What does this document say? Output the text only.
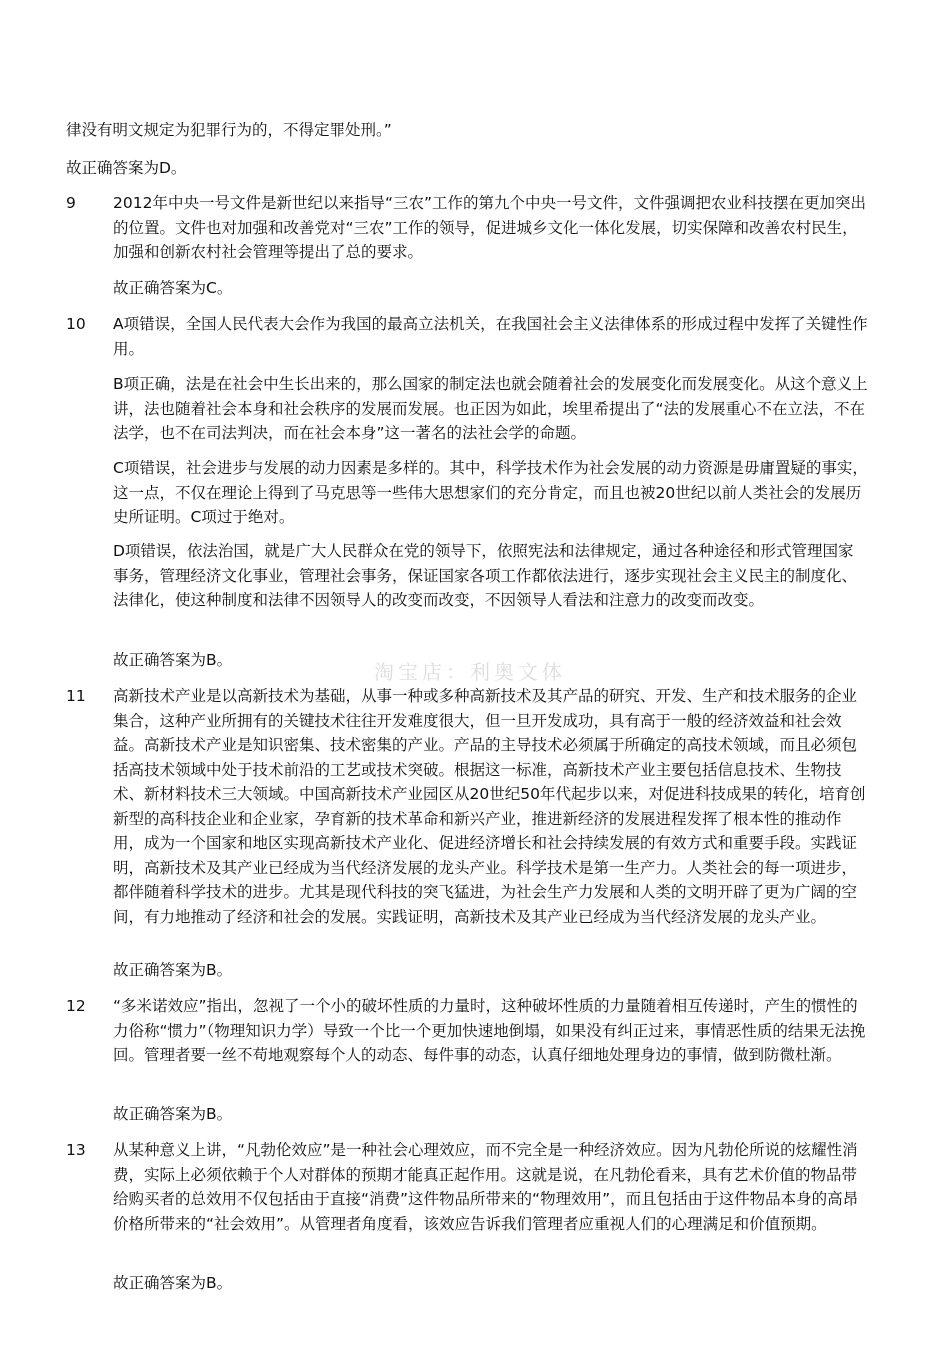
律没有明文规定为犯罪行为的，不得定罪处刑。”

故正确答案为D。

9	2012年中央一号文件是新世纪以来指导“三农”工作的第九个中央一号文件，文件强调把农业科技摆在更加突出的位置。文件也对加强和改善党对“三农”工作的领导，促进城乡文化一体化发展，切实保障和改善农村民生，加强和创新农村社会管理等提出了总的要求。

故正确答案为C。

10	A项错误，全国人民代表大会作为我国的最高立法机关，在我国社会主义法律体系的形成过程中发挥了关键性作用。

B项正确，法是在社会中生长出来的，那么国家的制定法也就会随着社会的发展变化而发展变化。从这个意义上讲，法也随着社会本身和社会秩序的发展而发展。也正因为如此，埃里希提出了“法的发展重心不在立法，不在法学，也不在司法判决，而在社会本身”这一著名的法社会学的命题。

C项错误，社会进步与发展的动力因素是多样的。其中，科学技术作为社会发展的动力资源是毋庸置疑的事实，这一点，不仅在理论上得到了马克思等一些伟大思想家们的充分肯定，而且也被20世纪以前人类社会的发展历史所证明。C项过于绝对。

D项错误，依法治国，就是广大人民群众在党的领导下，依照宪法和法律规定，通过各种途径和形式管理国家事务，管理经济文化事业，管理社会事务，保证国家各项工作都依法进行，逐步实现社会主义民主的制度化、法律化，使这种制度和法律不因领导人的改变而改变，不因领导人看法和注意力的改变而改变。

故正确答案为B。

11	高新技术产业是以高新技术为基础，从事一种或多种高新技术及其产品的研究、开发、生产和技术服务的企业集合，这种产业所拥有的关键技术往往开发难度很大，但一旦开发成功，具有高于一般的经济效益和社会效益。高新技术产业是知识密集、技术密集的产业。产品的主导技术必须属于所确定的高技术领域，而且必须包括高技术领域中处于技术前沿的工艺或技术突破。根据这一标准，高新技术产业主要包括信息技术、生物技术、新材料技术三大领域。中国高新技术产业园区从20世纪50年代起步以来，对促进科技成果的转化，培育创新型的高科技企业和企业家，孕育新的技术革命和新兴产业，推进新经济的发展进程发挥了根本性的推动作用，成为一个国家和地区实现高新技术产业化、促进经济增长和社会持续发展的有效方式和重要手段。实践证明，高新技术及其产业已经成为当代经济发展的龙头产业。科学技术是第一生产力。人类社会的每一项进步，都伴随着科学技术的进步。尤其是现代科技的突飞猛进，为社会生产力发展和人类的文明开辟了更为广阔的空间，有力地推动了经济和社会的发展。实践证明，高新技术及其产业已经成为当代经济发展的龙头产业。

故正确答案为B。

12	“多米诺效应”指出，忽视了一个小的破坏性质的力量时，这种破坏性质的力量随着相互传递时，产生的惯性的力俗称“惯力”（物理知识力学）导致一个比一个更加快速地倒塌，如果没有纠正过来，事情恶性质的结果无法挽回。管理者要一丝不苟地观察每个人的动态、每件事的动态，认真仔细地处理身边的事情，做到防微杜渐。

故正确答案为B。

13	从某种意义上讲，“凡勃伦效应”是一种社会心理效应，而不完全是一种经济效应。因为凡勃伦所说的炫耀性消费，实际上必须依赖于个人对群体的预期才能真正起作用。这就是说，在凡勃伦看来，具有艺术价值的物品带给购买者的总效用不仅包括由于直接“消费”这件物品所带来的“物理效用”，而且包括由于这件物品本身的高昂价格所带来的“社会效用”。从管理者角度看，该效应告诉我们管理者应重视人们的心理满足和价值预期。

故正确答案为B。

淘宝店：利奥文体
